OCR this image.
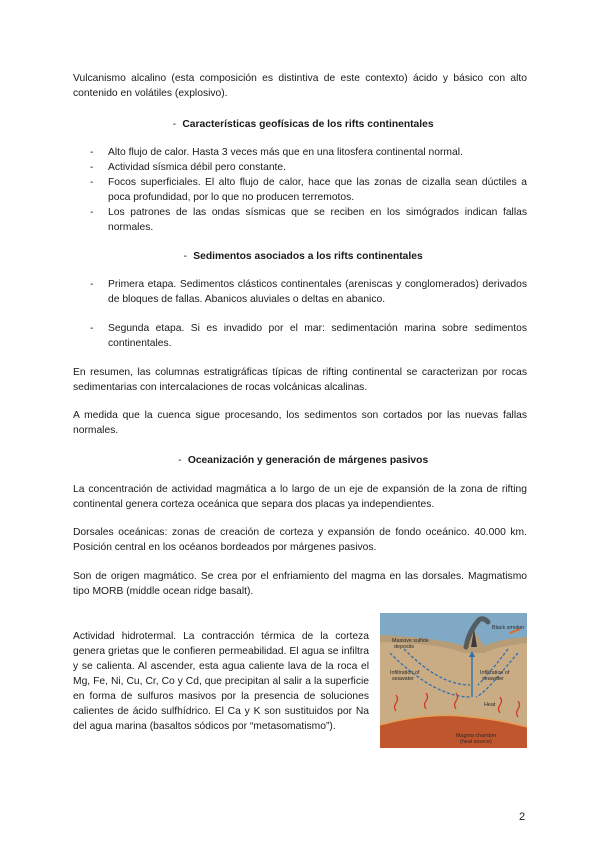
Vulcanismo alcalino (esta composición es distintiva de este contexto) ácido y básico con alto contenido en volátiles (explosivo).

- Características geofísicas de los rifts continentales

- Alto flujo de calor. Hasta 3 veces más que en una litosfera continental normal.
- Actividad sísmica débil pero constante.
- Focos superficiales. El alto flujo de calor, hace que las zonas de cizalla sean dúctiles a poca profundidad, por lo que no producen terremotos.
- Los patrones de las ondas sísmicas que se reciben en los simógrados indican fallas normales.

- Sedimentos asociados a los rifts continentales

- Primera etapa. Sedimentos clásticos continentales (areniscas y conglomerados) derivados de bloques de fallas. Abanicos aluviales o deltas en abanico.
- Segunda etapa. Si es invadido por el mar: sedimentación marina sobre sedimentos continentales.

En resumen, las columnas estratigráficas típicas de rifting continental se caracterizan por rocas sedimentarias con intercalaciones de rocas volcánicas alcalinas.

A medida que la cuenca sigue procesando, los sedimentos son cortados por las nuevas fallas normales.

- Oceanización y generación de márgenes pasivos

La concentración de actividad magmática a lo largo de un eje de expansión de la zona de rifting continental genera corteza oceánica que separa dos placas ya independientes.

Dorsales oceánicas: zonas de creación de corteza y expansión de fondo oceánico. 40.000 km. Posición central en los océanos bordeados por márgenes pasivos.

Son de origen magmático. Se crea por el enfriamiento del magma en las dorsales. Magmatismo tipo MORB (middle ocean ridge basalt).

Actividad hidrotermal. La contracción térmica de la corteza genera grietas que le confieren permeabilidad. El agua se infiltra y se calienta. Al ascender, esta agua caliente lava de la roca el Mg, Fe, Ni, Cu, Cr, Co y Cd, que precipitan al salir a la superficie en forma de sulfuros masivos por la presencia de soluciones calientes de ácido sulfhídrico. El Ca y K son sustituidos por Na del agua marina (basaltos sódicos por “metasomatismo”).

Black smoker
Massive sulfide
deposits
Infiltration of
seawater
Infiltration of
seawater
Heat
Magma chamber
(heat source)
2
